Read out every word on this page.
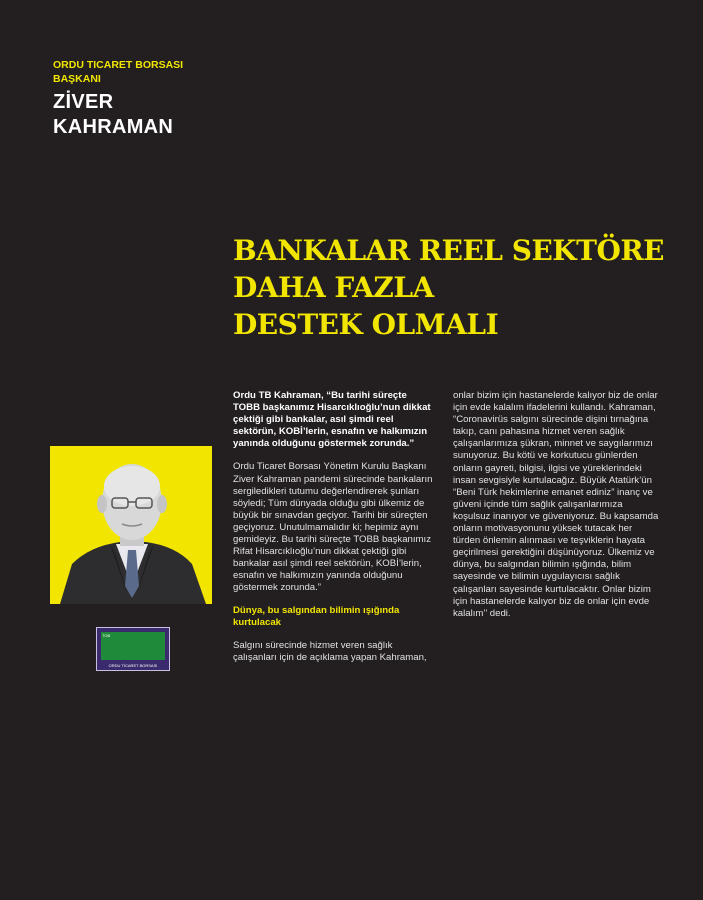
ORDU TICARET BORSASI
BAŞKANI
ZİVER
KAHRAMAN
BANKALAR REEL SEKTÖRE
DAHA FAZLA
DESTEK OLMALI
TOB
ORDU TİCARET BORSASI

Ordu TB Kahraman, “Bu tarihi süreçte TOBB başkanımız Hisarcıklıoğlu’nun dikkat çektiği gibi bankalar, asıl şimdi reel sektörün, KOBİ’lerin, esnafın ve halkımızın yanında olduğunu göstermek zorunda.”

Ordu Ticaret Borsası Yönetim Kurulu Başkanı Ziver Kahraman pandemi sürecinde bankaların sergiledikleri tutumu değerlendirerek şunları söyledi; Tüm dünyada olduğu gibi ülkemiz de büyük bir sınavdan geçiyor. Tarihi bir süreçten geçiyoruz. Unutulmamalıdır ki; hepimiz aynı gemideyiz. Bu tarihi süreçte TOBB başkanımız Rifat Hisarcıklıoğlu’nun dikkat çektiği gibi bankalar asıl şimdi reel sektörün, KOBİ’lerin, esnafın ve halkımızın yanında olduğunu göstermek zorunda.”

Dünya, bu salgından bilimin ışığında kurtulacak

Salgını sürecinde hizmet veren sağlık çalışanları için de açıklama yapan Kahraman,

onlar bizim için hastanelerde kalıyor biz de onlar için evde kalalım ifadelerini kullandı. Kahraman, “Coronavirüs salgını sürecinde dişini tırnağına takıp, canı pahasına hizmet veren sağlık çalışanlarımıza şükran, minnet ve saygılarımızı sunuyoruz. Bu kötü ve korkutucu günlerden onların gayreti, bilgisi, ilgisi ve yüreklerindeki insan sevgisiyle kurtulacağız. Büyük Atatürk’ün “Beni Türk hekimlerine emanet ediniz” inanç ve güveni içinde tüm sağlık çalışanlarımıza koşulsuz inanıyor ve güveniyoruz. Bu kapsamda onların motivasyonunu yüksek tutacak her türden önlemin alınması ve teşviklerin hayata geçirilmesi gerektiğini düşünüyoruz. Ülkemiz ve dünya, bu salgından bilimin ışığında, bilim sayesinde ve bilimin uygulayıcısı sağlık çalışanları sayesinde kurtulacaktır. Onlar bizim için hastanelerde kalıyor biz de onlar için evde kalalım’’ dedi.
